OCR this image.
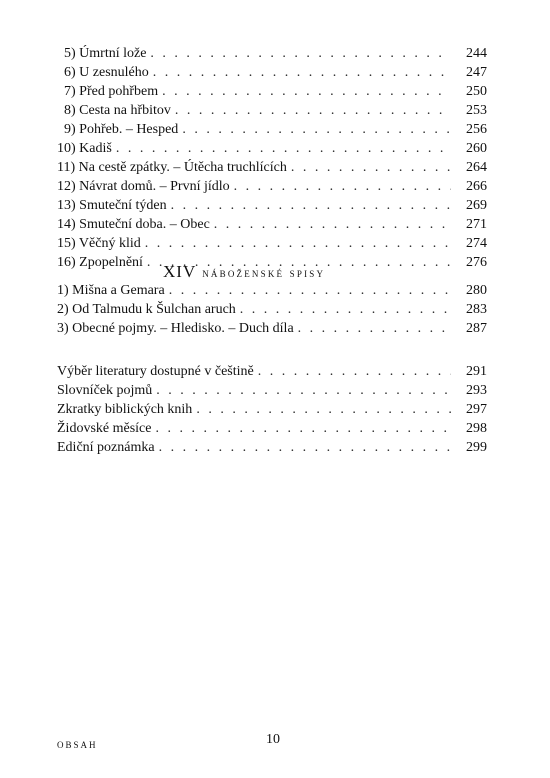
5) Úmrtní lože . . .	244
6) U zesnulého . . .	247
7) Před pohřbem . . .	250
8) Cesta na hřbitov . . .	253
9) Pohřeb. – Hesped . . .	256
10) Kadiš . . .	260
11) Na cestě zpátky. – Útěcha truchlících . . .	264
12) Návrat domů. – První jídlo . . .	266
13) Smuteční týden . . .	269
14) Smuteční doba. – Obec . . .	271
15) Věčný klid . . .	274
16) Zpopelnění . . .	276
XIV náboženské spisy
1) Mišna a Gemara . . .	280
2) Od Talmudu k Šulchan aruch . . .	283
3) Obecné pojmy. – Hledisko. – Duch díla . . .	287
Výběr literatury dostupné v češtině . . .	291
Slovníček pojmů . . .	293
Zkratky biblických knih . . .	297
Židovské měsíce . . .	298
Ediční poznámka . . .	299
OBSAH	10
